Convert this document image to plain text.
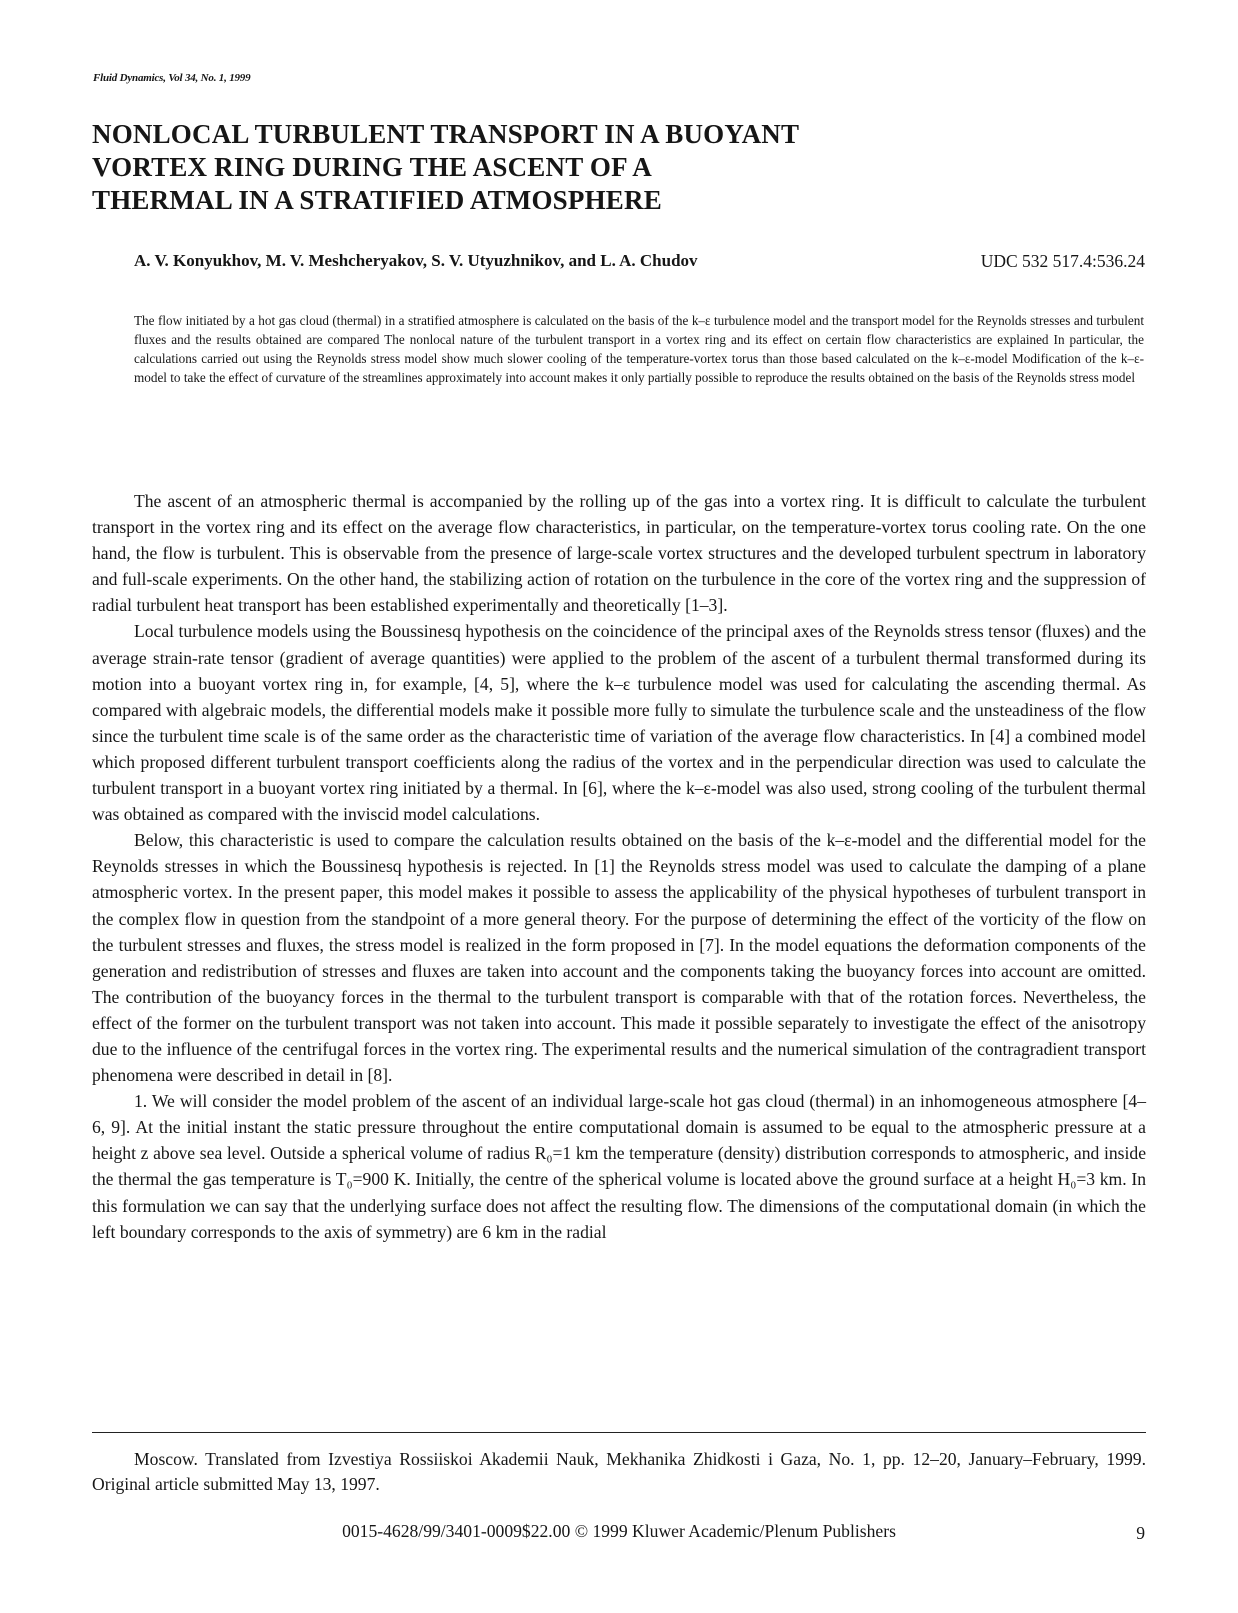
Fluid Dynamics, Vol 34, No. 1, 1999
NONLOCAL TURBULENT TRANSPORT IN A BUOYANT
VORTEX RING DURING THE ASCENT OF A
THERMAL IN A STRATIFIED ATMOSPHERE
A. V. Konyukhov, M. V. Meshcheryakov, S. V. Utyuzhnikov, and L. A. Chudov	UDC 532 517.4:536.24

The flow initiated by a hot gas cloud (thermal) in a stratified atmosphere is calculated on the basis of the k–ε turbulence model and the transport model for the Reynolds stresses and turbulent fluxes and the results obtained are compared The nonlocal nature of the turbulent transport in a vortex ring and its effect on certain flow characteristics are explained In particular, the calculations carried out using the Reynolds stress model show much slower cooling of the temperature-vortex torus than those based calculated on the k–ε-model Modification of the k–ε-model to take the effect of curvature of the streamlines approximately into account makes it only partially possible to reproduce the results obtained on the basis of the Reynolds stress model

The ascent of an atmospheric thermal is accompanied by the rolling up of the gas into a vortex ring. It is difficult to calculate the turbulent transport in the vortex ring and its effect on the average flow characteristics, in particular, on the temperature-vortex torus cooling rate. On the one hand, the flow is turbulent. This is observable from the presence of large-scale vortex structures and the developed turbulent spectrum in laboratory and full-scale experiments. On the other hand, the stabilizing action of rotation on the turbulence in the core of the vortex ring and the suppression of radial turbulent heat transport has been established experimentally and theoretically [1–3].

Local turbulence models using the Boussinesq hypothesis on the coincidence of the principal axes of the Reynolds stress tensor (fluxes) and the average strain-rate tensor (gradient of average quantities) were applied to the problem of the ascent of a turbulent thermal transformed during its motion into a buoyant vortex ring in, for example, [4, 5], where the k–ε turbulence model was used for calculating the ascending thermal. As compared with algebraic models, the differential models make it possible more fully to simulate the turbulence scale and the unsteadiness of the flow since the turbulent time scale is of the same order as the characteristic time of variation of the average flow characteristics. In [4] a combined model which proposed different turbulent transport coefficients along the radius of the vortex and in the perpendicular direction was used to calculate the turbulent transport in a buoyant vortex ring initiated by a thermal. In [6], where the k–ε-model was also used, strong cooling of the turbulent thermal was obtained as compared with the inviscid model calculations.

Below, this characteristic is used to compare the calculation results obtained on the basis of the k–ε-model and the differential model for the Reynolds stresses in which the Boussinesq hypothesis is rejected. In [1] the Reynolds stress model was used to calculate the damping of a plane atmospheric vortex. In the present paper, this model makes it possible to assess the applicability of the physical hypotheses of turbulent transport in the complex flow in question from the standpoint of a more general theory. For the purpose of determining the effect of the vorticity of the flow on the turbulent stresses and fluxes, the stress model is realized in the form proposed in [7]. In the model equations the deformation components of the generation and redistribution of stresses and fluxes are taken into account and the components taking the buoyancy forces into account are omitted. The contribution of the buoyancy forces in the thermal to the turbulent transport is comparable with that of the rotation forces. Nevertheless, the effect of the former on the turbulent transport was not taken into account. This made it possible separately to investigate the effect of the anisotropy due to the influence of the centrifugal forces in the vortex ring. The experimental results and the numerical simulation of the contragradient transport phenomena were described in detail in [8].

1. We will consider the model problem of the ascent of an individual large-scale hot gas cloud (thermal) in an inhomogeneous atmosphere [4–6, 9]. At the initial instant the static pressure throughout the entire computational domain is assumed to be equal to the atmospheric pressure at a height z above sea level. Outside a spherical volume of radius R₀=1 km the temperature (density) distribution corresponds to atmospheric, and inside the thermal the gas temperature is T₀=900 K. Initially, the centre of the spherical volume is located above the ground surface at a height H₀=3 km. In this formulation we can say that the underlying surface does not affect the resulting flow. The dimensions of the computational domain (in which the left boundary corresponds to the axis of symmetry) are 6 km in the radial

Moscow. Translated from Izvestiya Rossiiskoi Akademii Nauk, Mekhanika Zhidkosti i Gaza, No. 1, pp. 12–20, January–February, 1999. Original article submitted May 13, 1997.

0015-4628/99/3401-0009$22.00 © 1999 Kluwer Academic/Plenum Publishers	9
